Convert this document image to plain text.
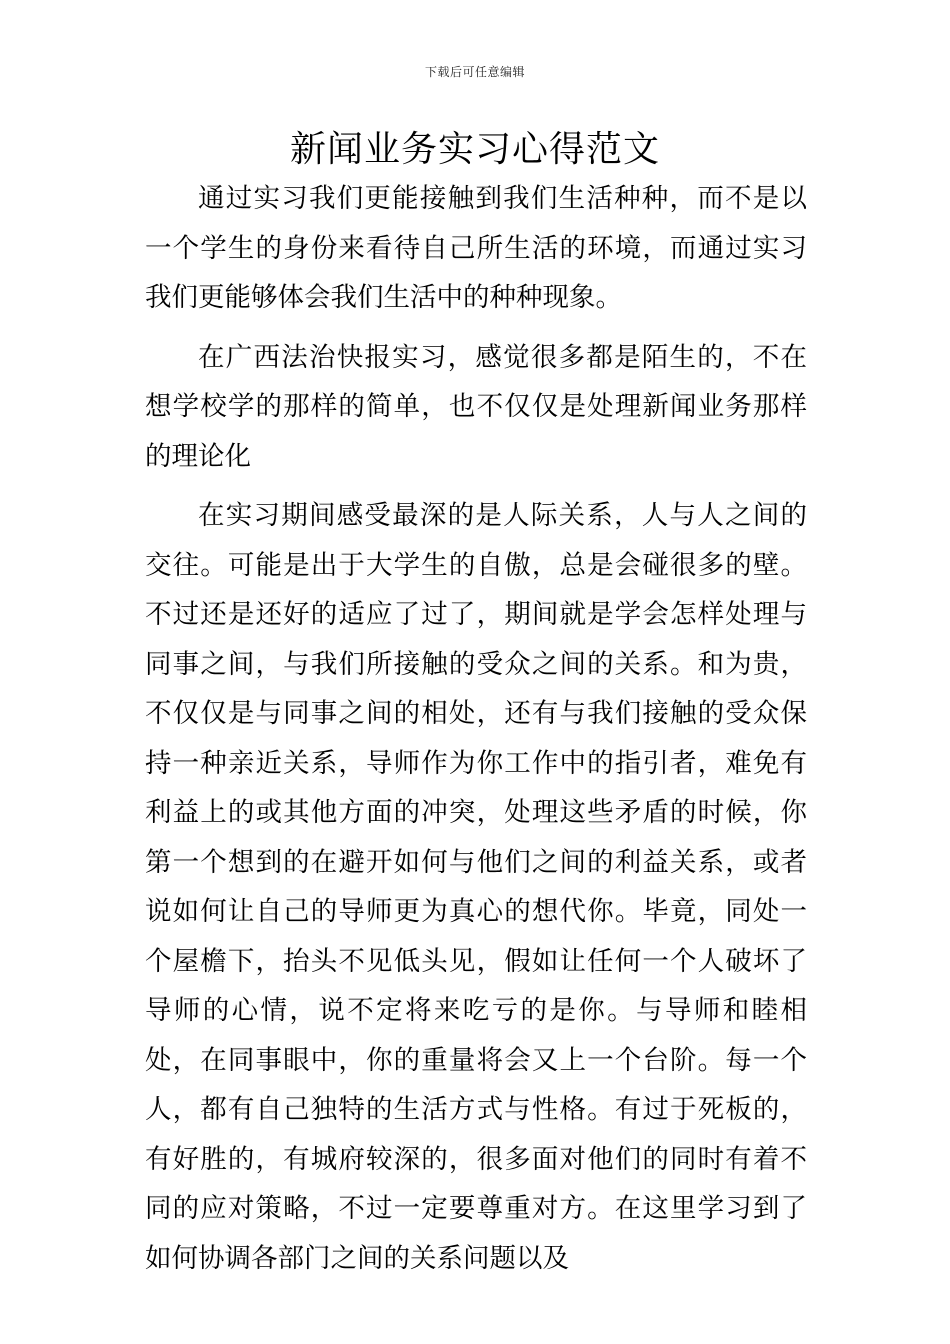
下载后可任意编辑
新闻业务实习心得范文

通过实习我们更能接触到我们生活种种，而不是以一个学生的身份来看待自己所生活的环境，而通过实习我们更能够体会我们生活中的种种现象。

在广西法治快报实习，感觉很多都是陌生的，不在想学校学的那样的简单，也不仅仅是处理新闻业务那样的理论化

在实习期间感受最深的是人际关系，人与人之间的交往。可能是出于大学生的自傲，总是会碰很多的壁。不过还是还好的适应了过了，期间就是学会怎样处理与同事之间，与我们所接触的受众之间的关系。和为贵，不仅仅是与同事之间的相处，还有与我们接触的受众保持一种亲近关系，导师作为你工作中的指引者，难免有利益上的或其他方面的冲突，处理这些矛盾的时候，你第一个想到的在避开如何与他们之间的利益关系，或者说如何让自己的导师更为真心的想代你。毕竟，同处一个屋檐下，抬头不见低头见，假如让任何一个人破坏了导师的心情，说不定将来吃亏的是你。与导师和睦相处，在同事眼中，你的重量将会又上一个台阶。每一个人，都有自己独特的生活方式与性格。有过于死板的，有好胜的，有城府较深的，很多面对他们的同时有着不同的应对策略，不过一定要尊重对方。在这里学习到了如何协调各部门之间的关系问题以及
